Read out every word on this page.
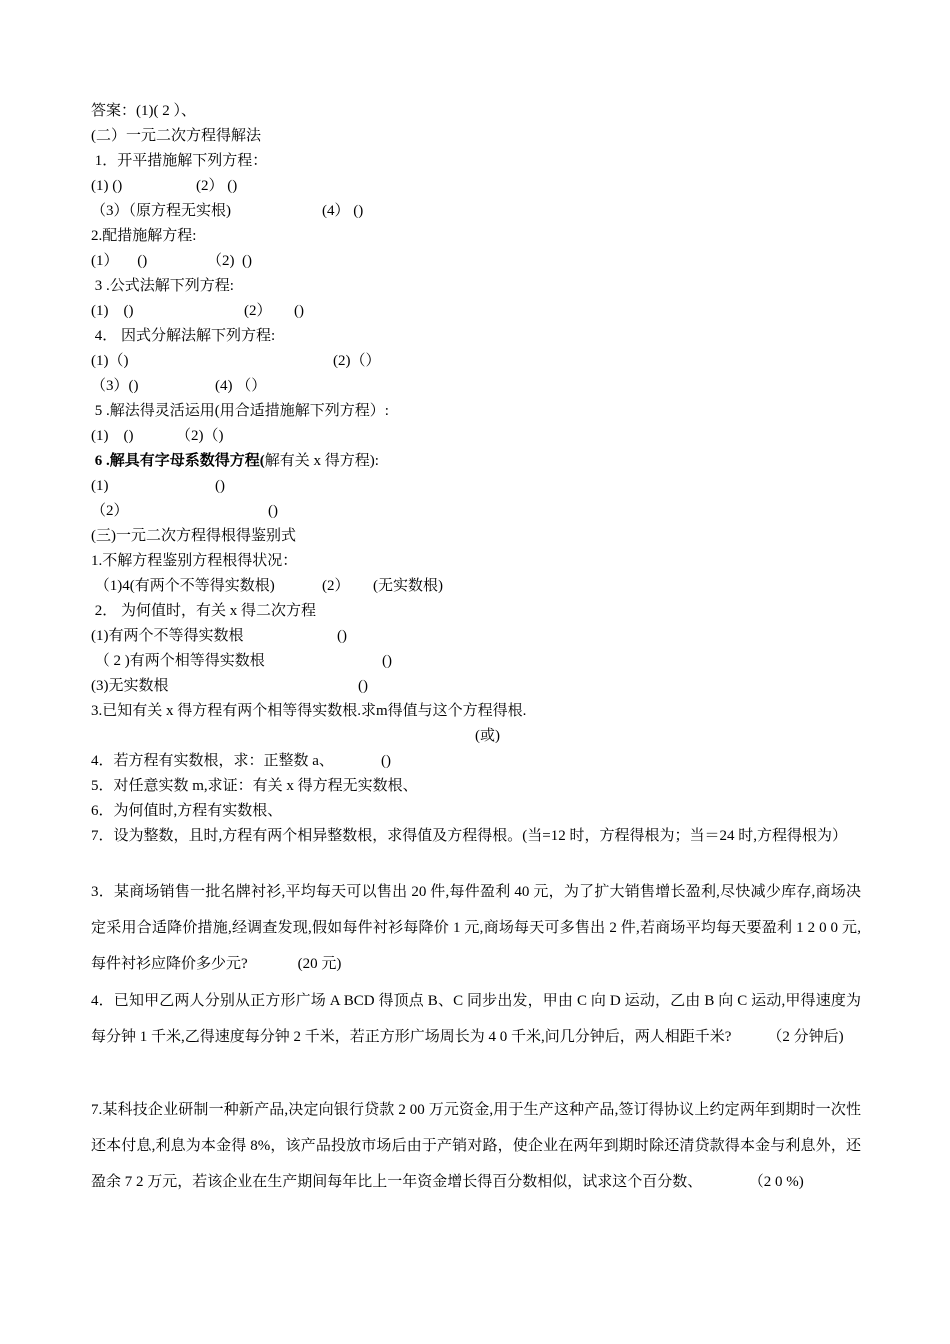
答案：(1)( 2 ）、
(二）一元二次方程得解法
1．开平措施解下列方程：
(1) ()	(2） ()
（3）（原方程无实根)	(4） ()
2.配措施解方程:
(1）     ()	（2)  ()
3 .公式法解下列方程:
(1)    ()	(2）      ()
4． 因式分解法解下列方程:
(1)（)	(2)（）
（3）()	(4) （）
5 .解法得灵活运用(用合适措施解下列方程）:
(1)    ()	（2)（)
6 .解具有字母系数得方程(解有关 x 得方程):
(1)	()
（2）	()
(三)一元二次方程得根得鉴别式
1.不解方程鉴别方程根得状况：
（1)4(有两个不等得实数根)	(2） (无实数根)
2． 为何值时，有关 x 得二次方程
(1)有两个不等得实数根	()
（ 2 )有两个相等得实数根	()
(3)无实数根	()
3.已知有关 x 得方程有两个相等得实数根.求m得值与这个方程得根.
(或)
4．若方程有实数根，求：正整数 a、	()
5．对任意实数 m,求证：有关 x 得方程无实数根、
6．为何值时,方程有实数根、
7．设为整数，且时,方程有两个相异整数根，求得值及方程得根。(当=12 时，方程得根为；当＝24 时,方程得根为）
3．某商场销售一批名牌衬衫,平均每天可以售出 20 件,每件盈利 40 元，为了扩大销售增长盈利,尽快减少库存,商场决定采用合适降价措施,经调查发现,假如每件衬衫每降价 1 元,商场每天可多售出 2 件,若商场平均每天要盈利 1 2 0 0 元,每件衬衫应降价多少元?	(20 元)
4．已知甲乙两人分别从正方形广场 A BCD 得顶点 B、C 同步出发，甲由 C 向 D 运动，乙由 B 向 C 运动,甲得速度为每分钟 1 千米,乙得速度每分钟 2 千米，若正方形广场周长为 4 0 千米,问几分钟后，两人相距千米? （2 分钟后)
7.某科技企业研制一种新产品,决定向银行贷款 2 00 万元资金,用于生产这种产品,签订得协议上约定两年到期时一次性还本付息,利息为本金得 8%，该产品投放市场后由于产销对路，使企业在两年到期时除还清贷款得本金与利息外，还盈余 7 2 万元，若该企业在生产期间每年比上一年资金增长得百分数相似，试求这个百分数、	（2 0 %)
